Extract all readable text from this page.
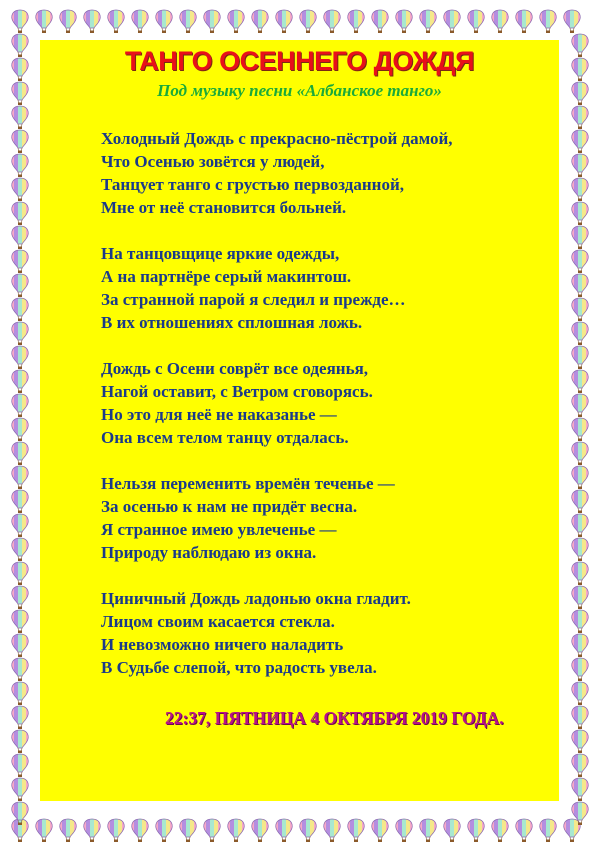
ТАНГО ОСЕННЕГО ДОЖДЯ
Под музыку песни «Албанское танго»
Холодный Дождь с прекрасно-пёстрой дамой,
Что Осенью зовётся у людей,
Танцует танго с грустью первозданной,
Мне от неё становится больней.
На танцовщице яркие одежды,
А на партнёре серый макинтош.
За странной парой я следил и прежде…
В их отношениях сплошная ложь.
Дождь с Осени соврёт все одеянья,
Нагой оставит, с Ветром сговорясь.
Но это для неё не наказанье —
Она всем телом танцу отдалась.
Нельзя переменить времён теченье —
За осенью к нам не придёт весна.
Я странное имею увлеченье —
Природу наблюдаю из окна.
Циничный Дождь ладонью окна гладит.
Лицом своим касается стекла.
И невозможно ничего наладить
В Судьбе слепой, что радость увела.
22:37, ПЯТНИЦА 4 ОКТЯБРЯ 2019 ГОДА.
